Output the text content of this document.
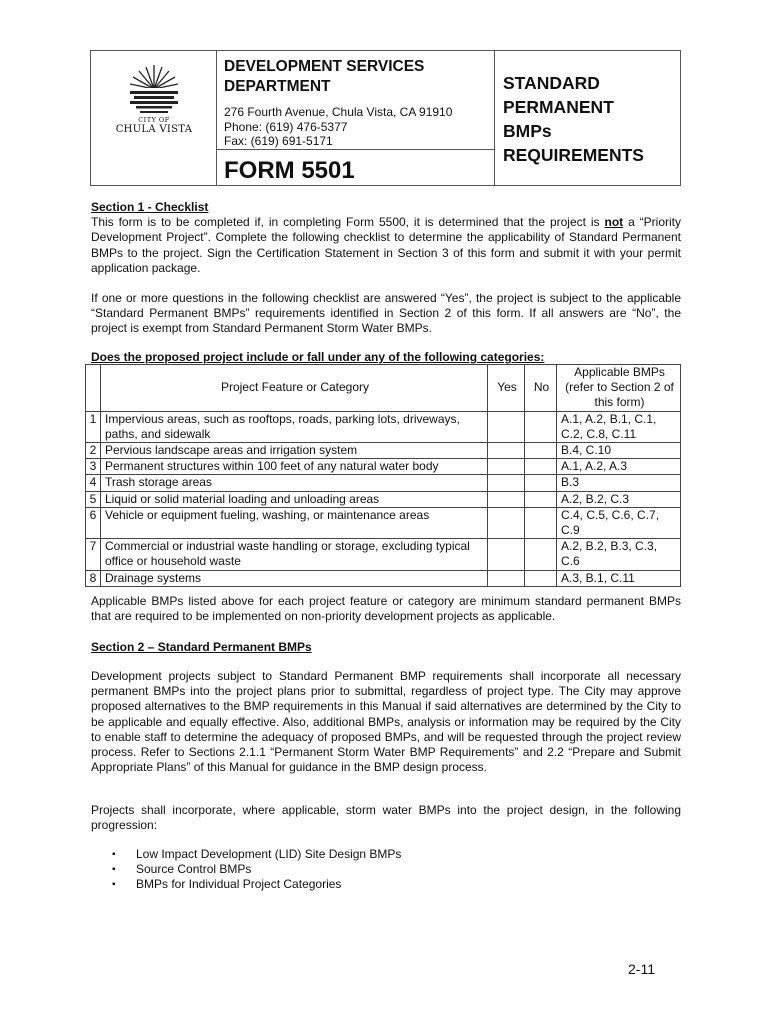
CITY OF
CHULA VISTA
DEVELOPMENT SERVICES
DEPARTMENT
276 Fourth Avenue, Chula Vista, CA 91910
Phone: (619) 476-5377
Fax: (619) 691-5171
FORM 5501
STANDARD
PERMANENT
BMPs
REQUIREMENTS

Section 1 - Checklist

This form is to be completed if, in completing Form 5500, it is determined that the project is not a “Priority Development Project”. Complete the following checklist to determine the applicability of Standard Permanent BMPs to the project. Sign the Certification Statement in Section 3 of this form and submit it with your permit application package.

If one or more questions in the following checklist are answered “Yes”, the project is subject to the applicable “Standard Permanent BMPs” requirements identified in Section 2 of this form. If all answers are “No”, the project is exempt from Standard Permanent Storm Water BMPs.

Does the proposed project include or fall under any of the following categories:

	Project Feature or Category	Yes	No	Applicable BMPs (refer to Section 2 of this form)
1	Impervious areas, such as rooftops, roads, parking lots, driveways, paths, and sidewalk			A.1, A.2, B.1, C.1, C.2, C.8, C.11
2	Pervious landscape areas and irrigation system			B.4, C.10
3	Permanent structures within 100 feet of any natural water body			A.1, A.2, A.3
4	Trash storage areas			B.3
5	Liquid or solid material loading and unloading areas			A.2, B.2, C.3
6	Vehicle or equipment fueling, washing, or maintenance areas			C.4, C.5, C.6, C.7, C.9
7	Commercial or industrial waste handling or storage, excluding typical office or household waste			A.2, B.2, B.3, C.3, C.6
8	Drainage systems			A.3, B.1, C.11
Applicable BMPs listed above for each project feature or category are minimum standard permanent BMPs that are required to be implemented on non-priority development projects as applicable.

Section 2 – Standard Permanent BMPs

Development projects subject to Standard Permanent BMP requirements shall incorporate all necessary permanent BMPs into the project plans prior to submittal, regardless of project type. The City may approve proposed alternatives to the BMP requirements in this Manual if said alternatives are determined by the City to be applicable and equally effective. Also, additional BMPs, analysis or information may be required by the City to enable staff to determine the adequacy of proposed BMPs, and will be requested through the project review process. Refer to Sections 2.1.1 “Permanent Storm Water BMP Requirements” and 2.2 “Prepare and Submit Appropriate Plans” of this Manual for guidance in the BMP design process.
Projects shall incorporate, where applicable, storm water BMPs into the project design, in the following progression:
▪ Low Impact Development (LID) Site Design BMPs
▪ Source Control BMPs
▪ BMPs for Individual Project Categories
2-11
